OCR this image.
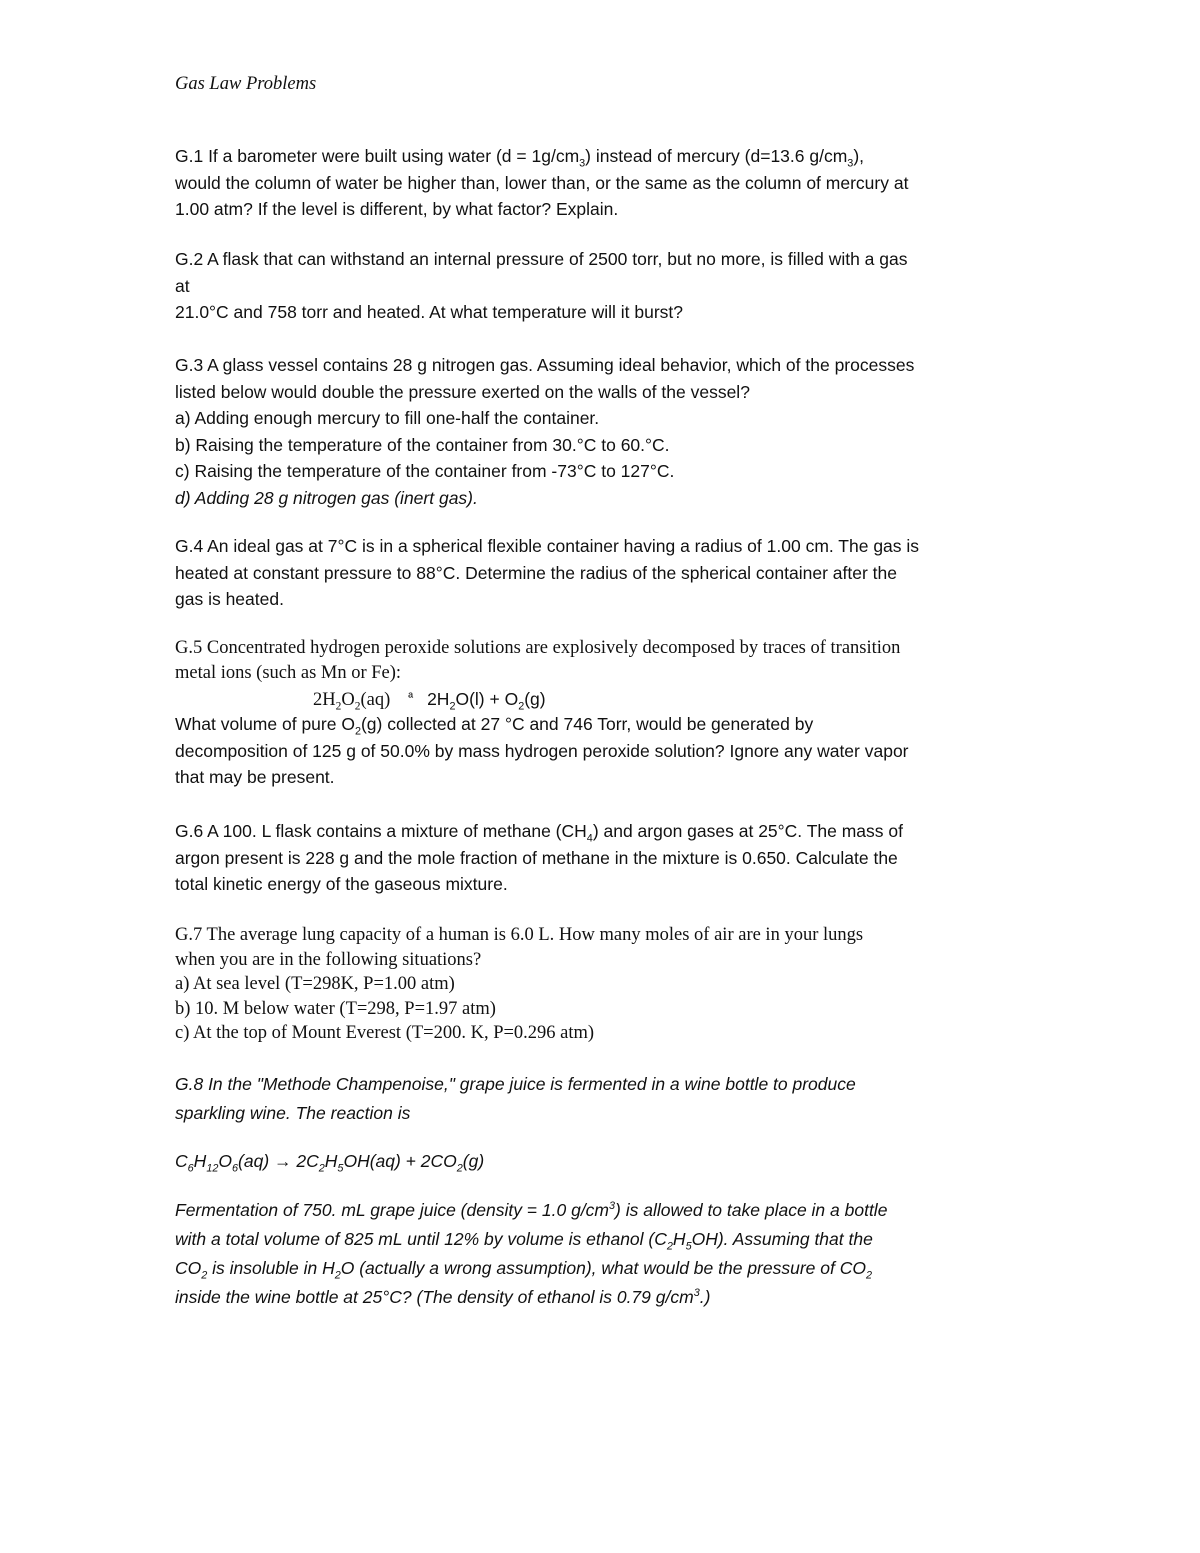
Gas Law Problems
G.1 If a barometer were built using water $(d = 1g/cm_3)$ instead of mercury (d=13.6 $g/cm_3$),
would the column of water be higher than, lower than, or the same as the column of mercury at
1.00 atm? If the level is different, by what factor? Explain.
G.2 A flask that can withstand an internal pressure of 2500 torr, but no more, is filled with a gas
at
21.0°C and 758 torr and heated. At what temperature will it burst?
G.3 A glass vessel contains 28 g nitrogen gas. Assuming ideal behavior, which of the processes
listed below would double the pressure exerted on the walls of the vessel?
a) Adding enough mercury to fill one-half the container.
b) Raising the temperature of the container from 30.°C to 60.°C.
c) Raising the temperature of the container from -73°C to 127°C.
d) Adding 28 g nitrogen gas (inert gas).
G.4 An ideal gas at 7°C is in a spherical flexible container having a radius of 1.00 cm. The gas is
heated at constant pressure to 88°C. Determine the radius of the spherical container after the
gas is heated.
G.5 Concentrated hydrogen peroxide solutions are explosively decomposed by traces of transition
metal ions (such as Mn or Fe):
$2H_2O_2(aq)$ ª $2H_2O(l) + O_2(g)$
What volume of pure $O_2(g)$ collected at 27 °C and 746 Torr, would be generated by
decomposition of 125 g of 50.0% by mass hydrogen peroxide solution? Ignore any water vapor
that may be present.
G.6 A 100. L flask contains a mixture of methane $(CH_4)$ and argon gases at 25°C. The mass of
argon present is 228 g and the mole fraction of methane in the mixture is 0.650. Calculate the
total kinetic energy of the gaseous mixture.
G.7 The average lung capacity of a human is 6.0 L. How many moles of air are in your lungs
when you are in the following situations?
a) At sea level (T=298K, P=1.00 atm)
b) 10. M below water (T=298, P=1.97 atm)
c) At the top of Mount Everest (T=200. K, P=0.296 atm)
G.8 In the "Methode Champenoise," grape juice is fermented in a wine bottle to produce
sparkling wine. The reaction is
$C_6H_{12}O_6(aq) \to 2C_2H_5OH(aq) + 2CO_2(g)$
Fermentation of 750. mL grape juice (density = 1.0 $g/cm^3$) is allowed to take place in a bottle
with a total volume of 825 mL until 12% by volume is ethanol $(C_2H_5OH)$. Assuming that the
$CO_2$ is insoluble in $H_2O$ (actually a wrong assumption), what would be the pressure of $CO_2$
inside the wine bottle at 25°C? (The density of ethanol is 0.79 $g/cm^3$.)
